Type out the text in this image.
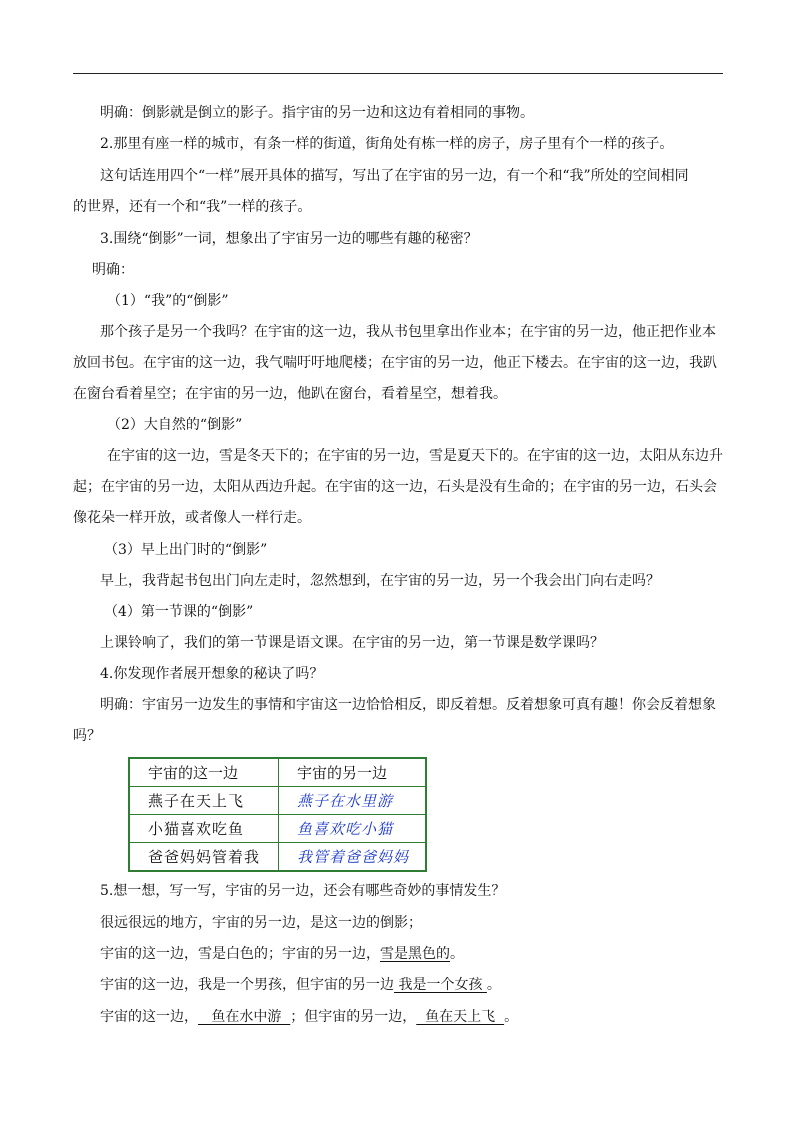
明确：倒影就是倒立的影子。指宇宙的另一边和这边有着相同的事物。
2.那里有座一样的城市，有条一样的街道，街角处有栋一样的房子，房子里有个一样的孩子。
这句话连用四个“一样”展开具体的描写，写出了在宇宙的另一边，有一个和“我”所处的空间相同
的世界，还有一个和“我”一样的孩子。
3.围绕“倒影”一词，想象出了宇宙另一边的哪些有趣的秘密？
明确：
（1）“我”的“倒影”
那个孩子是另一个我吗？在宇宙的这一边，我从书包里拿出作业本；在宇宙的另一边，他正把作业本
放回书包。在宇宙的这一边，我气喘吁吁地爬楼；在宇宙的另一边，他正下楼去。在宇宙的这一边，我趴
在窗台看着星空；在宇宙的另一边，他趴在窗台，看着星空，想着我。
（2）大自然的“倒影”
在宇宙的这一边，雪是冬天下的；在宇宙的另一边，雪是夏天下的。在宇宙的这一边，太阳从东边升
起；在宇宙的另一边，太阳从西边升起。在宇宙的这一边，石头是没有生命的；在宇宙的另一边，石头会
像花朵一样开放，或者像人一样行走。
（3）早上出门时的“倒影”
早上，我背起书包出门向左走时，忽然想到，在宇宙的另一边，另一个我会出门向右走吗？
（4）第一节课的“倒影”
上课铃响了，我们的第一节课是语文课。在宇宙的另一边，第一节课是数学课吗？
4.你发现作者展开想象的秘诀了吗？
明确：宇宙另一边发生的事情和宇宙这一边恰恰相反，即反着想。反着想象可真有趣！你会反着想象
吗？
宇宙的这一边	宇宙的另一边
燕子在天上飞	燕子在水里游
小猫喜欢吃鱼	鱼喜欢吃小猫
爸爸妈妈管着我	我管着爸爸妈妈
5.想一想，写一写，宇宙的另一边，还会有哪些奇妙的事情发生？
很远很远的地方，宇宙的另一边，是这一边的倒影；
宇宙的这一边，雪是白色的；宇宙的另一边，雪是黑色的。
宇宙的这一边，我是一个男孩，但宇宙的另一边 我是一个女孩 。
宇宙的这一边，   鱼在水中游  ；但宇宙的另一边，  鱼在天上飞  。
